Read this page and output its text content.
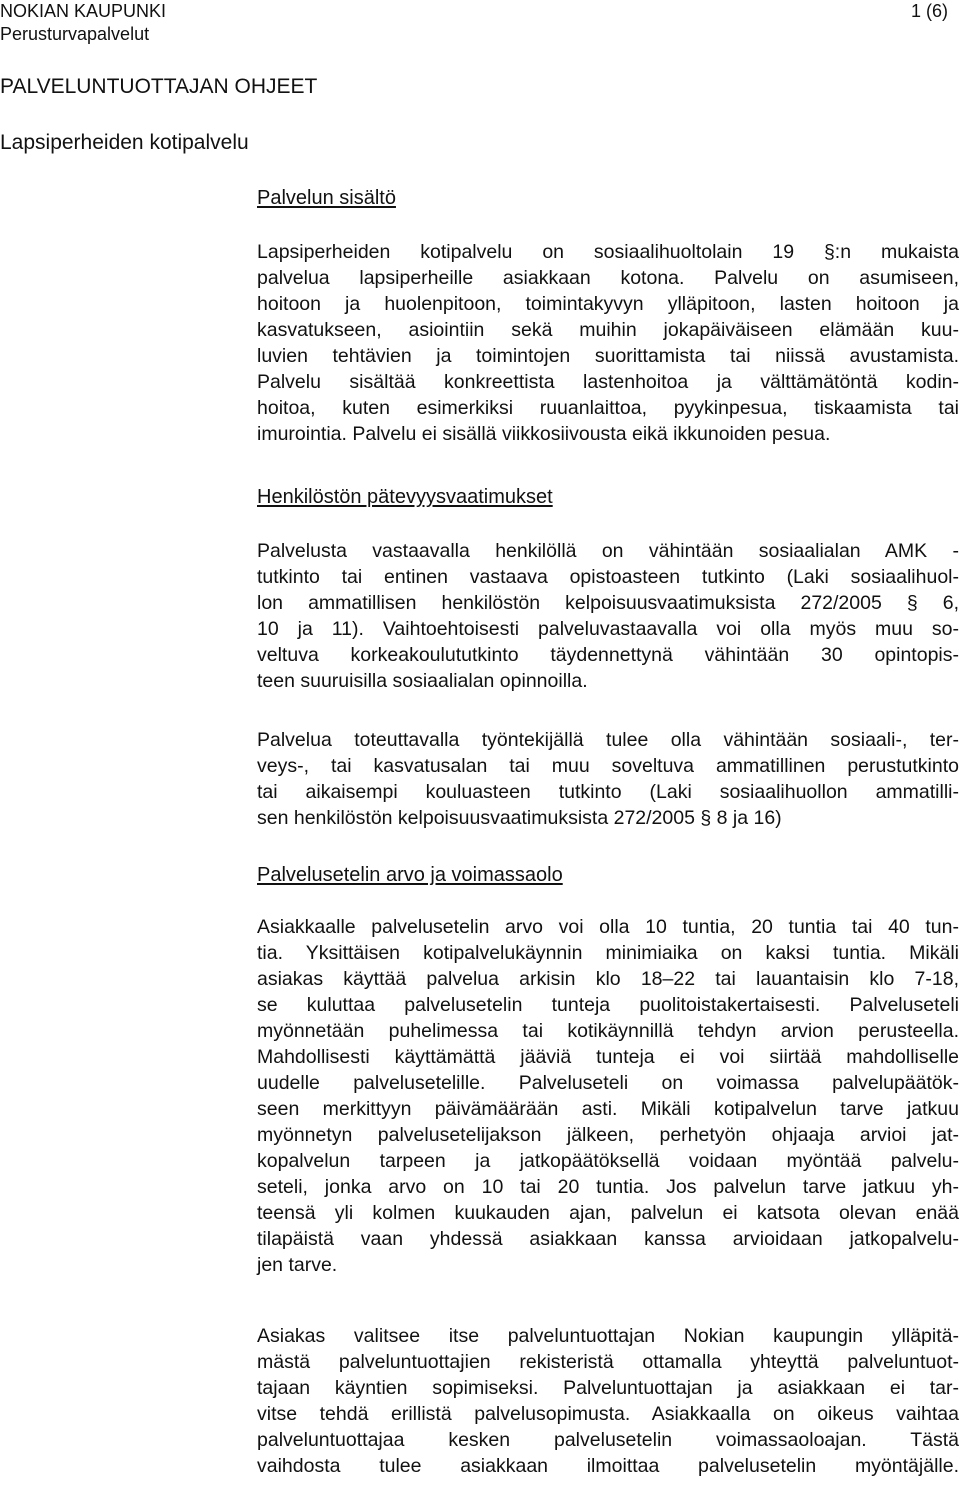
NOKIAN KAUPUNKI
Perusturvapalvelut
1 (6)
PALVELUNTUOTTAJAN OHJEET
Lapsiperheiden kotipalvelu
Palvelun sisältö
Lapsiperheiden kotipalvelu on sosiaalihuoltolain 19 §:n mukaista
palvelua lapsiperheille asiakkaan kotona. Palvelu on asumiseen,
hoitoon ja huolenpitoon, toimintakyvyn ylläpitoon, lasten hoitoon ja
kasvatukseen, asiointiin sekä muihin jokapäiväiseen elämään kuu-
luvien tehtävien ja toimintojen suorittamista tai niissä avustamista.
Palvelu sisältää konkreettista lastenhoitoa ja välttämätöntä kodin-
hoitoa, kuten esimerkiksi ruuanlaittoa, pyykinpesua, tiskaamista tai
imurointia. Palvelu ei sisällä viikkosiivousta eikä ikkunoiden pesua.
Henkilöstön pätevyysvaatimukset
Palvelusta vastaavalla henkilöllä on vähintään sosiaalialan AMK -
tutkinto tai entinen vastaava opistoasteen tutkinto (Laki sosiaalihuol-
lon ammatillisen henkilöstön kelpoisuusvaatimuksista 272/2005 § 6,
10 ja 11). Vaihtoehtoisesti palveluvastaavalla voi olla myös muu so-
veltuva korkeakoulututkinto täydennettynä vähintään 30 opintopis-
teen suuruisilla sosiaalialan opinnoilla.
Palvelua toteuttavalla työntekijällä tulee olla vähintään sosiaali-, ter-
veys-, tai kasvatusalan tai muu soveltuva ammatillinen perustutkinto
tai aikaisempi kouluasteen tutkinto (Laki sosiaalihuollon ammatilli-
sen henkilöstön kelpoisuusvaatimuksista 272/2005 § 8 ja 16)
Palvelusetelin arvo ja voimassaolo
Asiakkaalle palvelusetelin arvo voi olla 10 tuntia, 20 tuntia tai 40 tun-
tia. Yksittäisen kotipalvelukäynnin minimiaika on kaksi tuntia. Mikäli
asiakas käyttää palvelua arkisin klo 18–22 tai lauantaisin klo 7-18,
se kuluttaa palvelusetelin tunteja puolitoistakertaisesti. Palveluseteli
myönnetään puhelimessa tai kotikäynnillä tehdyn arvion perusteella.
Mahdollisesti käyttämättä jääviä tunteja ei voi siirtää mahdolliselle
uudelle palvelusetelille. Palveluseteli on voimassa palvelupäätök-
seen merkittyyn päivämäärään asti. Mikäli kotipalvelun tarve jatkuu
myönnetyn palvelusetelijakson jälkeen, perhetyön ohjaaja arvioi jat-
kopalvelun tarpeen ja jatkopäätöksellä voidaan myöntää palvelu-
seteli, jonka arvo on 10 tai 20 tuntia. Jos palvelun tarve jatkuu yh-
teensä yli kolmen kuukauden ajan, palvelun ei katsota olevan enää
tilapäistä vaan yhdessä asiakkaan kanssa arvioidaan jatkopalvelu-
jen tarve.
Asiakas valitsee itse palveluntuottajan Nokian kaupungin ylläpitä-
mästä palveluntuottajien rekisteristä ottamalla yhteyttä palveluntuot-
tajaan käyntien sopimiseksi. Palveluntuottajan ja asiakkaan ei tar-
vitse tehdä erillistä palvelusopimusta. Asiakkaalla on oikeus vaihtaa
palveluntuottajaa kesken palvelusetelin voimassaoloajan. Tästä
vaihdosta tulee asiakkaan ilmoittaa palvelusetelin myöntäjälle.
